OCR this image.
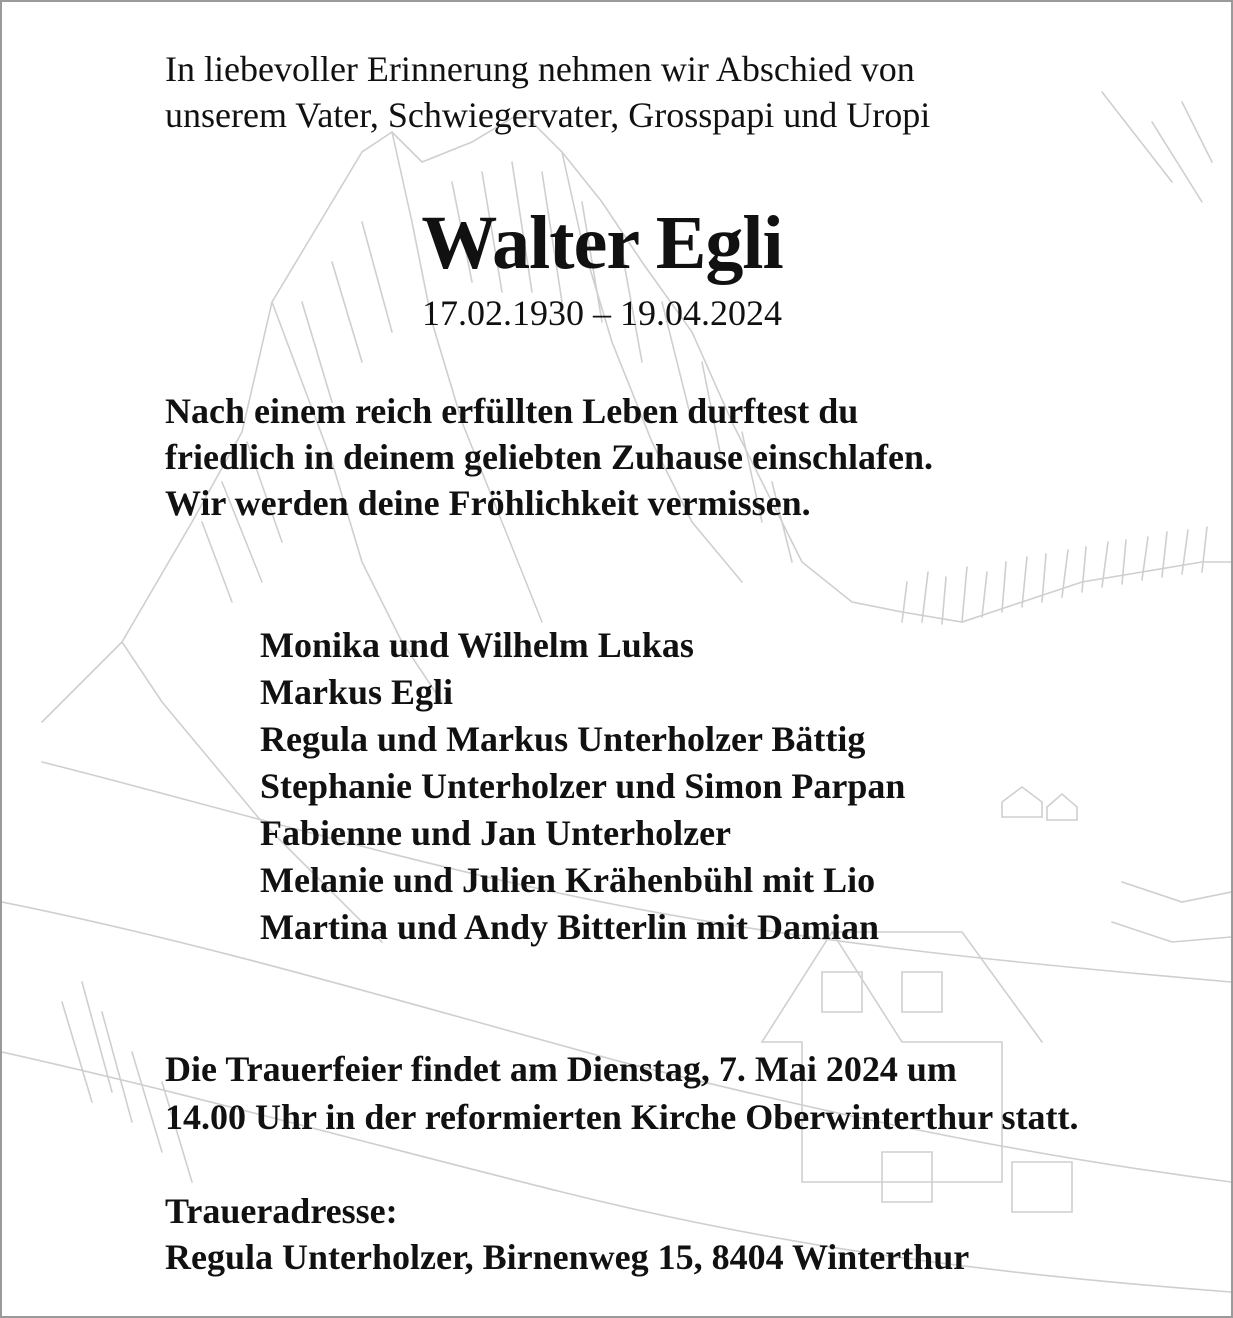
In liebevoller Erinnerung nehmen wir Abschied von

unserem Vater, Schwiegervater, Grosspapi und Uropi

Walter Egli

17.02.1930 – 19.04.2024

Nach einem reich erfüllten Leben durftest du

friedlich in deinem geliebten Zuhause einschlafen.

Wir werden deine Fröhlichkeit vermissen.

Monika und Wilhelm Lukas

Markus Egli

Regula und Markus Unterholzer Bättig

Stephanie Unterholzer und Simon Parpan

Fabienne und Jan Unterholzer

Melanie und Julien Krähenbühl mit Lio

Martina und Andy Bitterlin mit Damian

Die Trauerfeier findet am Dienstag, 7. Mai 2024 um

14.00 Uhr in der reformierten Kirche Oberwinterthur statt.

Traueradresse:

Regula Unterholzer, Birnenweg 15, 8404 Winterthur
